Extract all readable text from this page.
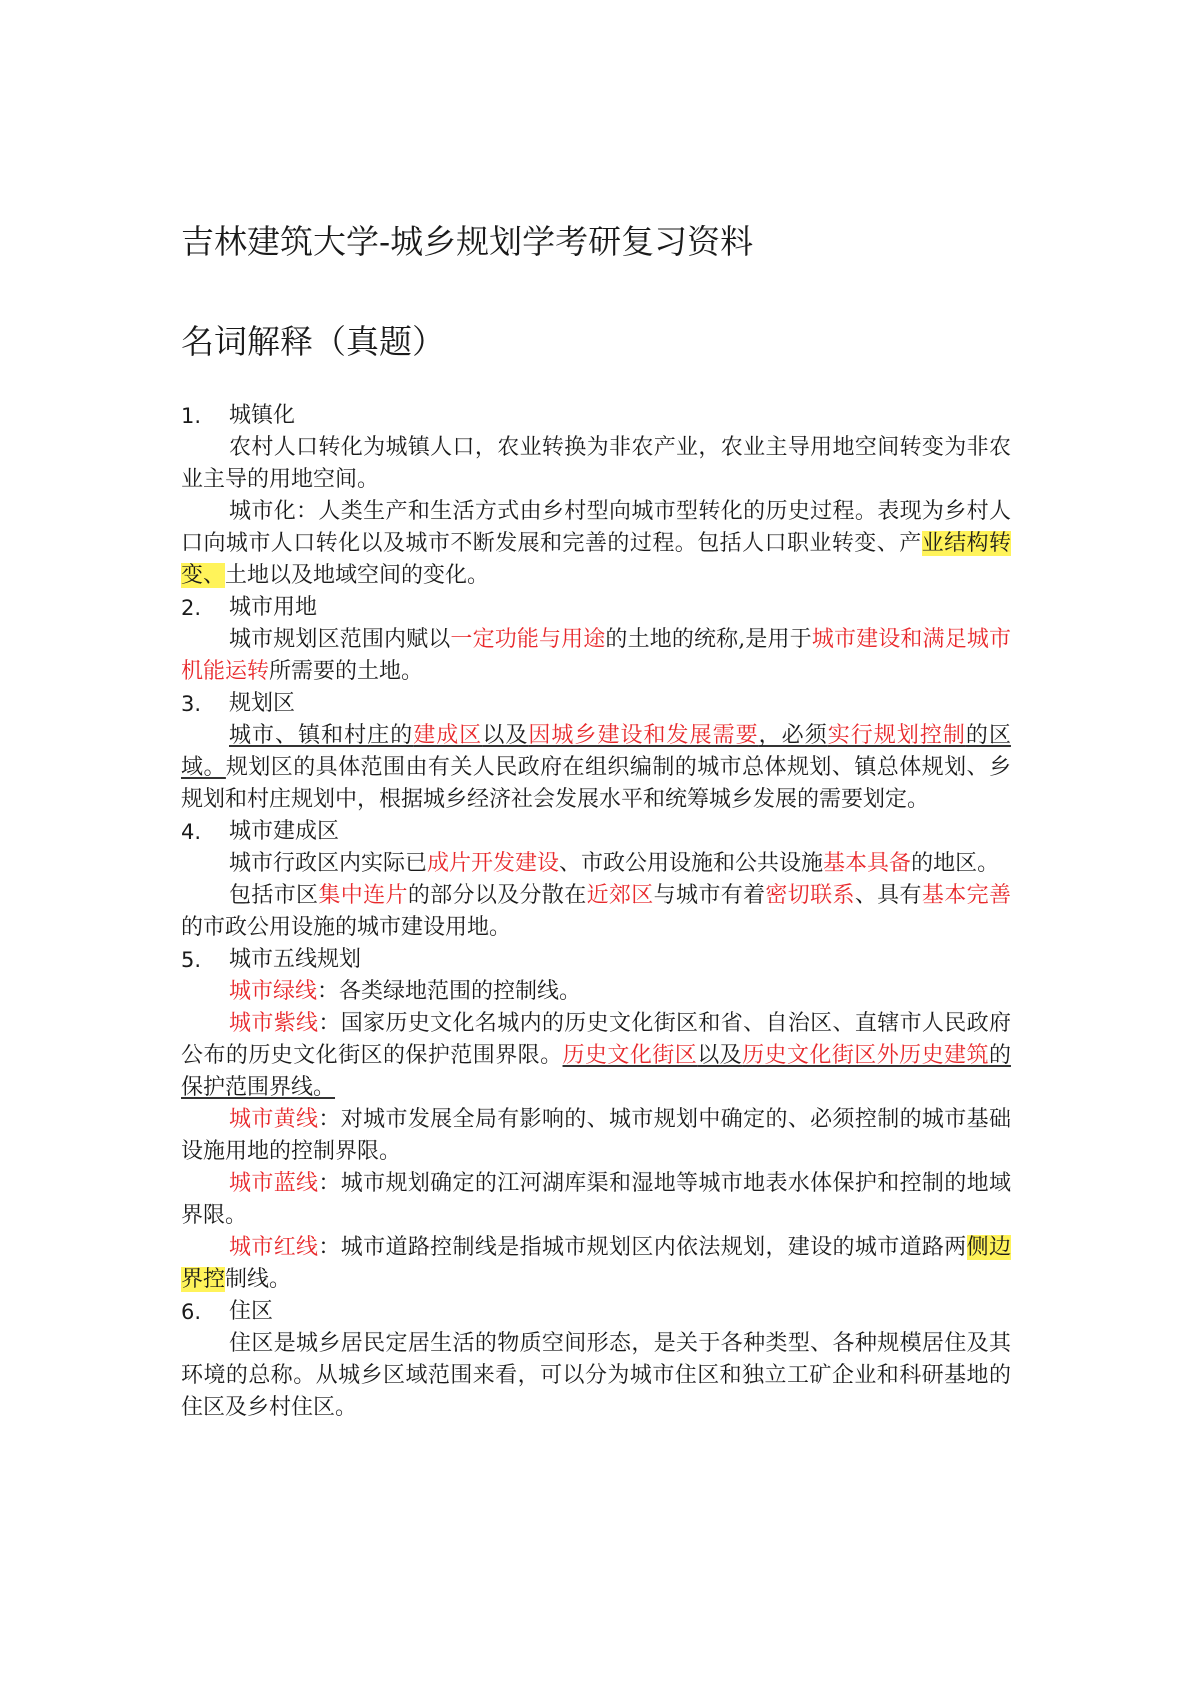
吉林建筑大学-城乡规划学考研复习资料
名词解释（真题）
1.	城镇化
农村人口转化为城镇人口，农业转换为非农产业，农业主导用地空间转变为非农业主导的用地空间。
城市化：人类生产和生活方式由乡村型向城市型转化的历史过程。表现为乡村人口向城市人口转化以及城市不断发展和完善的过程。包括人口职业转变、产业结构转变、土地以及地域空间的变化。
2.	城市用地
城市规划区范围内赋以一定功能与用途的土地的统称,是用于城市建设和满足城市机能运转所需要的土地。
3.	规划区
城市、镇和村庄的建成区以及因城乡建设和发展需要，必须实行规划控制的区域。规划区的具体范围由有关人民政府在组织编制的城市总体规划、镇总体规划、乡规划和村庄规划中，根据城乡经济社会发展水平和统筹城乡发展的需要划定。
4.	城市建成区
城市行政区内实际已成片开发建设、市政公用设施和公共设施基本具备的地区。
包括市区集中连片的部分以及分散在近郊区与城市有着密切联系、具有基本完善的市政公用设施的城市建设用地。
5.	城市五线规划
城市绿线：各类绿地范围的控制线。
城市紫线：国家历史文化名城内的历史文化街区和省、自治区、直辖市人民政府公布的历史文化街区的保护范围界限。历史文化街区以及历史文化街区外历史建筑的保护范围界线。
城市黄线：对城市发展全局有影响的、城市规划中确定的、必须控制的城市基础设施用地的控制界限。
城市蓝线：城市规划确定的江河湖库渠和湿地等城市地表水体保护和控制的地域界限。
城市红线：城市道路控制线是指城市规划区内依法规划，建设的城市道路两侧边界控制线。
6.	住区
住区是城乡居民定居生活的物质空间形态，是关于各种类型、各种规模居住及其环境的总称。从城乡区域范围来看，可以分为城市住区和独立工矿企业和科研基地的住区及乡村住区。
